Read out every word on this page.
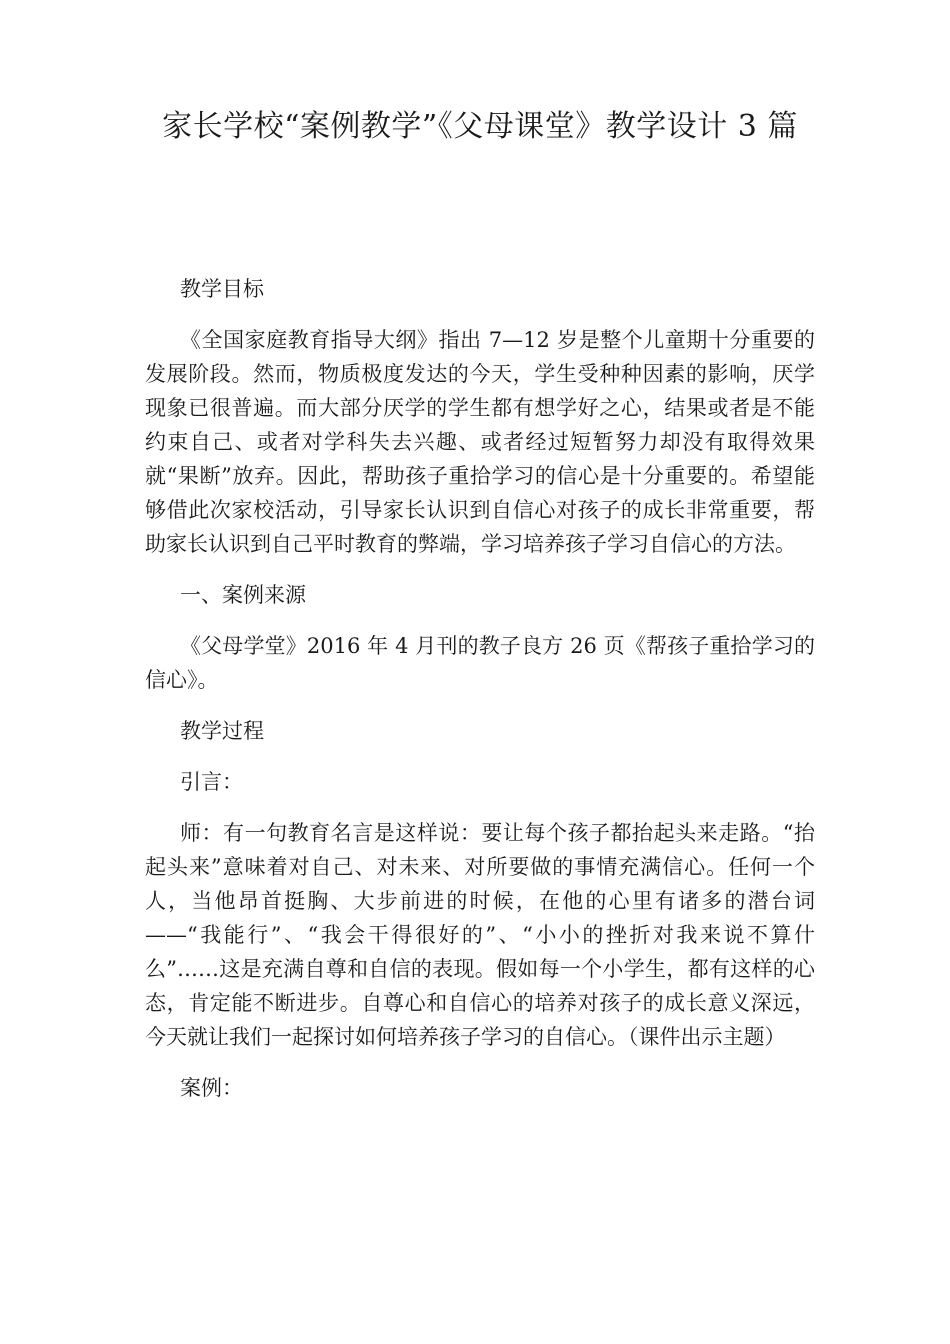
家长学校“案例教学”《父母课堂》教学设计 3 篇

教学目标

《全国家庭教育指导大纲》指出 7—12 岁是整个儿童期十分重要的发展阶段。然而，物质极度发达的今天，学生受种种因素的影响，厌学现象已很普遍。而大部分厌学的学生都有想学好之心，结果或者是不能约束自己、或者对学科失去兴趣、或者经过短暂努力却没有取得效果就“果断”放弃。因此，帮助孩子重拾学习的信心是十分重要的。希望能够借此次家校活动，引导家长认识到自信心对孩子的成长非常重要，帮助家长认识到自己平时教育的弊端，学习培养孩子学习自信心的方法。

一、案例来源

《父母学堂》2016 年 4 月刊的教子良方 26 页《帮孩子重拾学习的信心》。

教学过程

引言：

师：有一句教育名言是这样说：要让每个孩子都抬起头来走路。“抬起头来”意味着对自己、对未来、对所要做的事情充满信心。任何一个人，当他昂首挺胸、大步前进的时候，在他的心里有诸多的潜台词——“我能行”、“我会干得很好的”、“小小的挫折对我来说不算什么”……这是充满自尊和自信的表现。假如每一个小学生，都有这样的心态，肯定能不断进步。自尊心和自信心的培养对孩子的成长意义深远，今天就让我们一起探讨如何培养孩子学习的自信心。（课件出示主题）

案例：
